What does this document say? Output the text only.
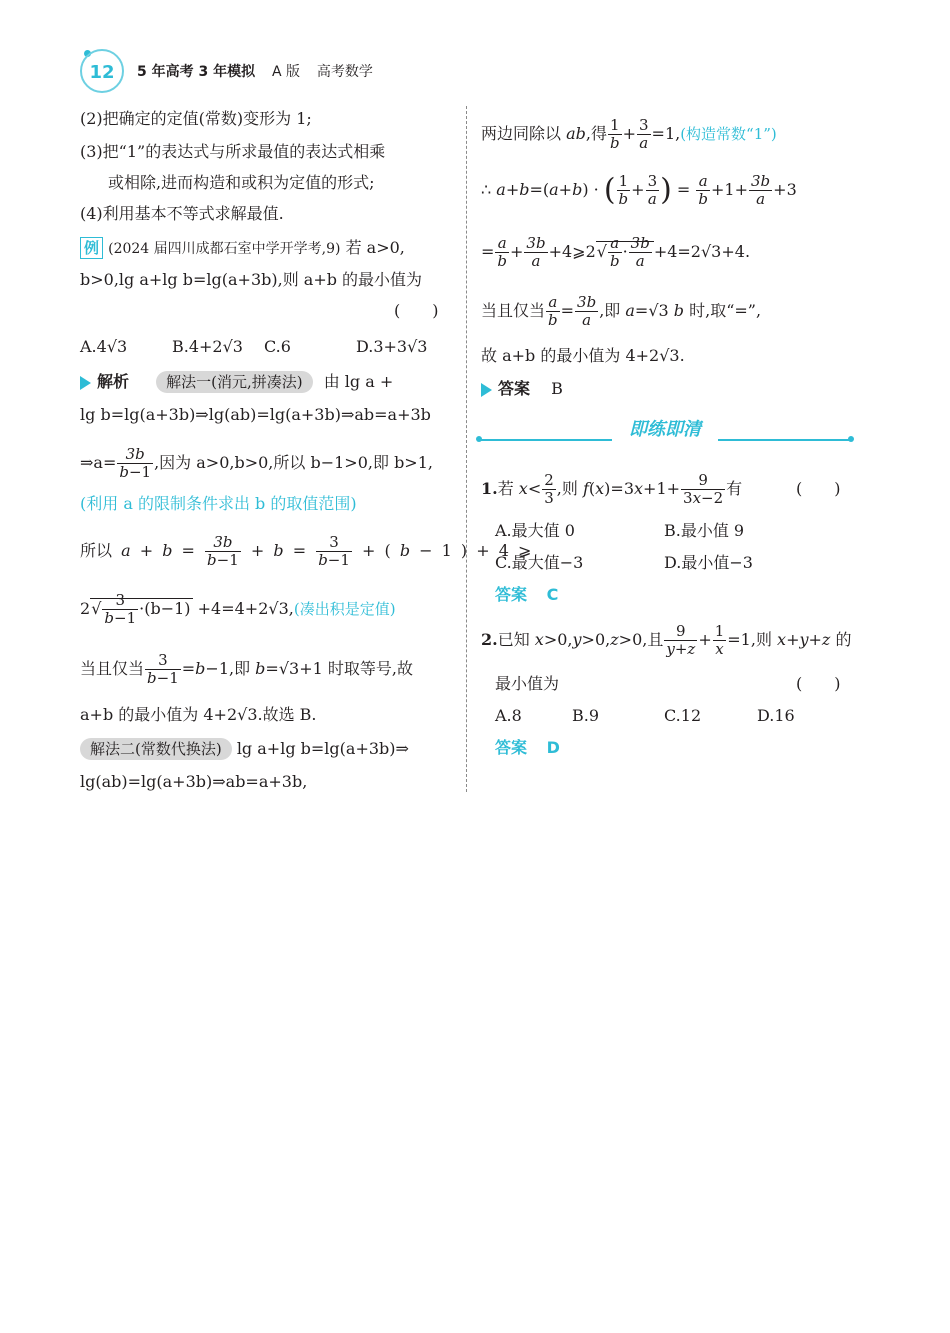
12	5 年高考 3 年模拟 A 版 高考数学
(2)把确定的定值(常数)变形为 1;
(3)把“1”的表达式与所求最值的表达式相乘
或相除,进而构造和或积为定值的形式;
(4)利用基本不等式求解最值.
例 (2024 届四川成都石室中学开学考,9) 若 a>0,
b>0,lg a+lg b=lg(a+3b),则 a+b 的最小值为
(　　)
A.4√3	B.4+2√3 C.6	D.3+3√3
解析 解法一(消元,拼凑法) 由 lg a +
lg b=lg(a+3b)⇒lg(ab)=lg(a+3b)⇒ab=a+3b
⇒a= $\frac{3b}{b-1}$ ,因为 a>0,b>0,所以 b−1>0,即 b>1,
(利用 a 的限制条件求出 b 的取值范围)
所以 $a + b = \frac{3b}{b-1} + b = \frac{3}{b-1}$ + ( b − 1 ) + 4 ⩾
$2√ \frac{3}{b-1} \cdot(b-1) +4=4+2√3$,(凑出积是定值)
当且仅当 $\frac{3}{b-1} =b-1$,即 b=√3+1 时取等号,故
a+b 的最小值为 4+2√3.故选 B.
解法二(常数代换法) lg a+lg b=lg(a+3b)⇒
lg(ab)=lg(a+3b)⇒ab=a+3b,
两边同除以 ab,得 $\frac{1}{b} + \frac{3}{a} =1$,(构造常数“1”)
∴ a+b=(a+b) · ( $\frac{1}{b} + \frac{3}{a}$ ) = $\frac{a}{b} +1+ \frac{3b}{a} +3$
= $\frac{a}{b} + \frac{3b}{a}$ +4⩾2√ $\frac{a}{b} \cdot \frac{3b}{a} +4=2√3+4$.
当且仅当 $\frac{a}{b} = \frac{3b}{a}$ ,即 a=√3 b 时,取“=”,
故 a+b 的最小值为 4+2√3.
答案 B
即练即清
1.若 $x< \frac{2}{3}$ ,则 $f(x)=3x+1+ \frac{9}{3x-2}$ 有	(　　)
A.最大值 0	B.最小值 9
C.最大值−3	D.最小值−3
答案 C
2.已知 x>0,y>0,z>0,且 $\frac{9}{y+z} + \frac{1}{x} =1$,则 x+y+z 的
最小值为	(　　)
A.8	B.9	C.12	D.16
答案 D
